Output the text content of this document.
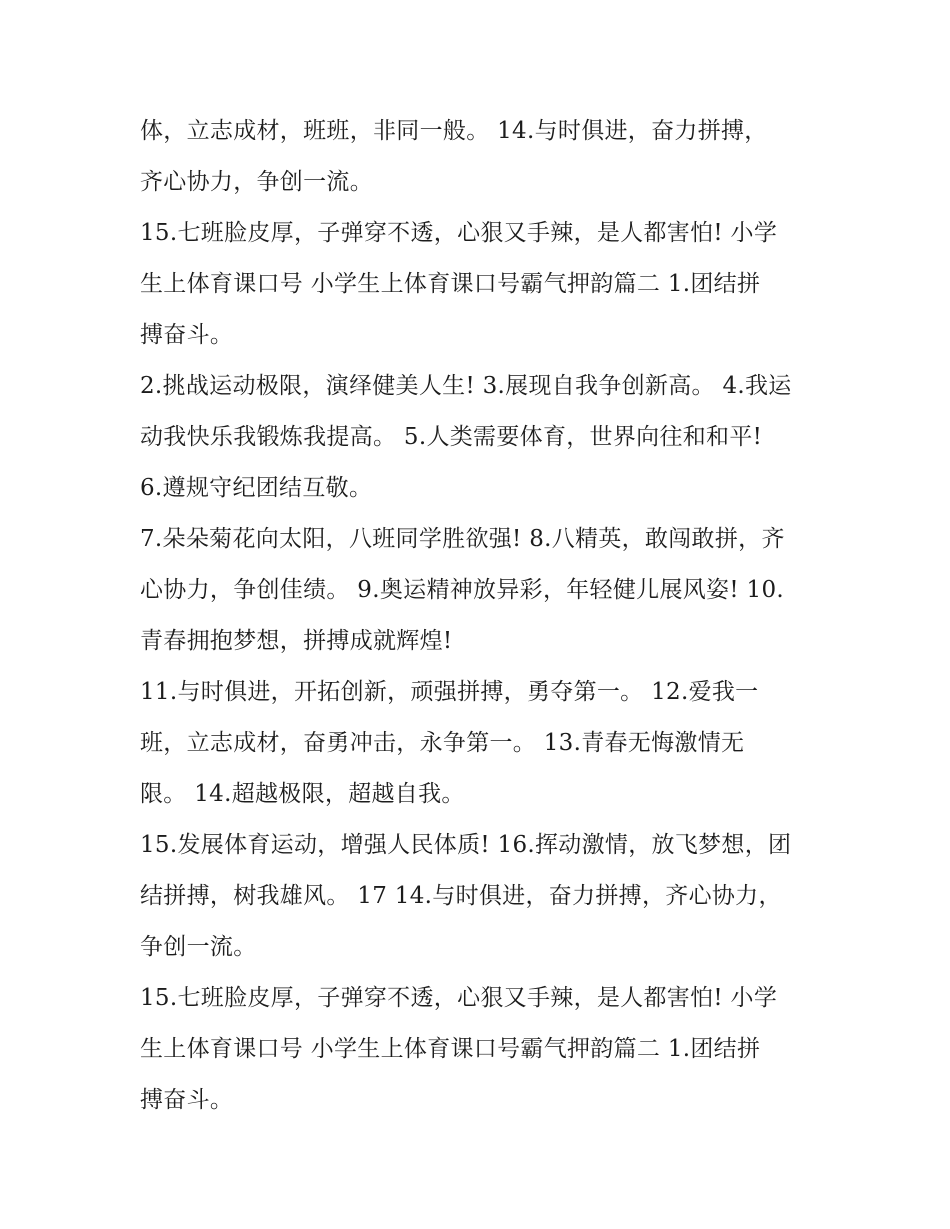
体，立志成材，班班，非同一般。 14.与时俱进，奋力拼搏，
齐心协力，争创一流。

15.七班脸皮厚，子弹穿不透，心狠又手辣，是人都害怕! 小学
生上体育课口号 小学生上体育课口号霸气押韵篇二 1.团结拼
搏奋斗。

2.挑战运动极限，演绎健美人生! 3.展现自我争创新高。 4.我运
动我快乐我锻炼我提高。 5.人类需要体育，世界向往和和平!
6.遵规守纪团结互敬。

7.朵朵菊花向太阳，八班同学胜欲强! 8.八精英，敢闯敢拼，齐
心协力，争创佳绩。 9.奥运精神放异彩，年轻健儿展风姿! 10.
青春拥抱梦想，拼搏成就辉煌!

11.与时俱进，开拓创新，顽强拼搏，勇夺第一。 12.爱我一
班，立志成材，奋勇冲击，永争第一。 13.青春无悔激情无
限。 14.超越极限，超越自我。

15.发展体育运动，增强人民体质! 16.挥动激情，放飞梦想，团
结拼搏，树我雄风。 17 14.与时俱进，奋力拼搏，齐心协力，
争创一流。

15.七班脸皮厚，子弹穿不透，心狠又手辣，是人都害怕! 小学
生上体育课口号 小学生上体育课口号霸气押韵篇二 1.团结拼
搏奋斗。
